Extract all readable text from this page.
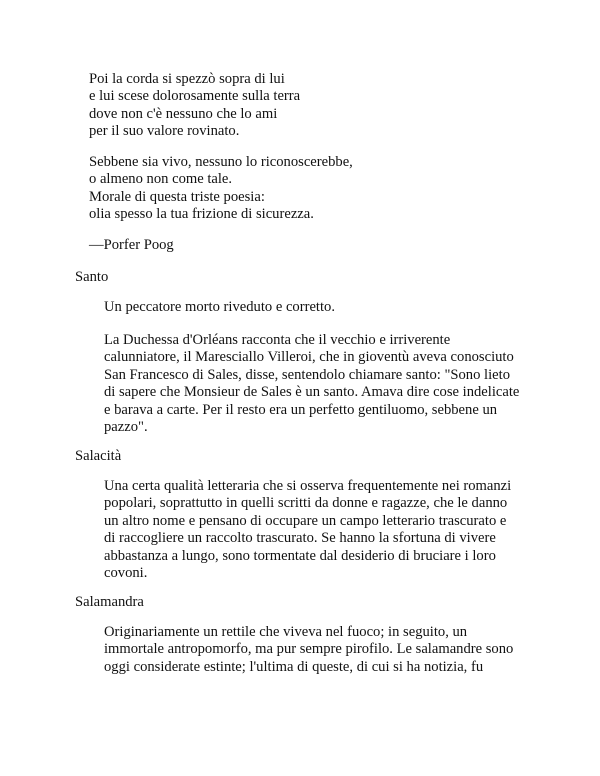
Poi la corda si spezzò sopra di lui
e lui scese dolorosamente sulla terra
dove non c'è nessuno che lo ami
per il suo valore rovinato.
Sebbene sia vivo, nessuno lo riconoscerebbe,
o almeno non come tale.
Morale di questa triste poesia:
olia spesso la tua frizione di sicurezza.
—Porfer Poog
Santo
Un peccatore morto riveduto e corretto.
La Duchessa d'Orléans racconta che il vecchio e irriverente
calunniatore, il Maresciallo Villeroi, che in gioventù aveva conosciuto
San Francesco di Sales, disse, sentendolo chiamare santo: "Sono lieto
di sapere che Monsieur de Sales è un santo. Amava dire cose indelicate
e barava a carte. Per il resto era un perfetto gentiluomo, sebbene un
pazzo".
Salacità
Una certa qualità letteraria che si osserva frequentemente nei romanzi
popolari, soprattutto in quelli scritti da donne e ragazze, che le danno
un altro nome e pensano di occupare un campo letterario trascurato e
di raccogliere un raccolto trascurato. Se hanno la sfortuna di vivere
abbastanza a lungo, sono tormentate dal desiderio di bruciare i loro
covoni.
Salamandra
Originariamente un rettile che viveva nel fuoco; in seguito, un
immortale antropomorfo, ma pur sempre pirofilo. Le salamandre sono
oggi considerate estinte; l'ultima di queste, di cui si ha notizia, fu
